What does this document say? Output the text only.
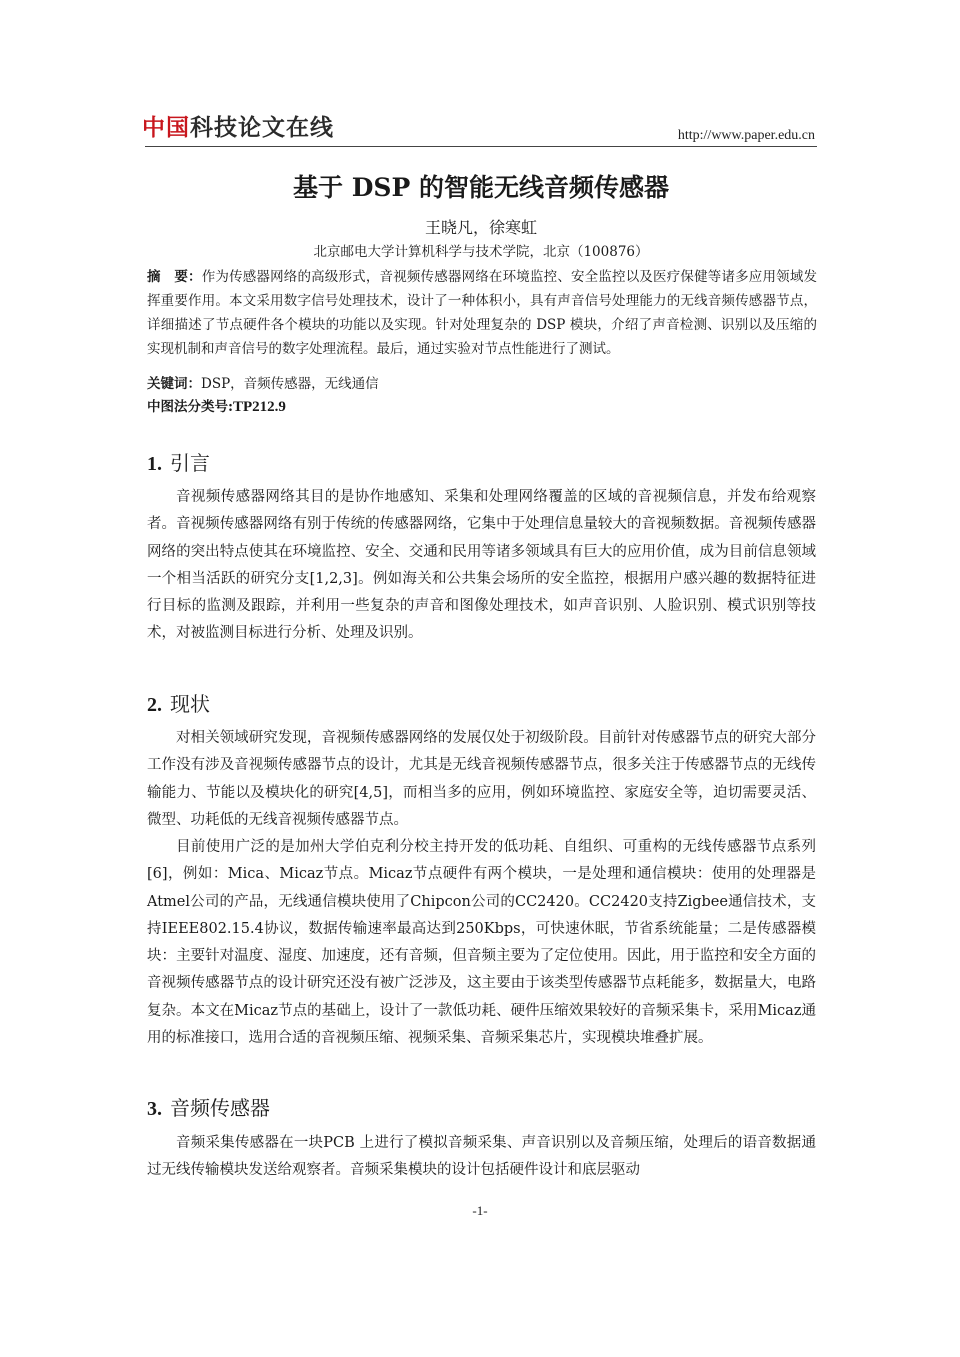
中国科技论文在线	http://www.paper.edu.cn
基于 DSP 的智能无线音频传感器
王晓凡，徐寒虹
北京邮电大学计算机科学与技术学院，北京（100876）

摘　要：作为传感器网络的高级形式，音视频传感器网络在环境监控、安全监控以及医疗保健等诸多应用领域发挥重要作用。本文采用数字信号处理技术，设计了一种体积小，具有声音信号处理能力的无线音频传感器节点，详细描述了节点硬件各个模块的功能以及实现。针对处理复杂的 DSP 模块，介绍了声音检测、识别以及压缩的实现机制和声音信号的数字处理流程。最后，通过实验对节点性能进行了测试。

关键词：DSP，音频传感器，无线通信
中图法分类号:TP212.9
1. 引言

音视频传感器网络其目的是协作地感知、采集和处理网络覆盖的区域的音视频信息，并发布给观察者。音视频传感器网络有别于传统的传感器网络，它集中于处理信息量较大的音视频数据。音视频传感器网络的突出特点使其在环境监控、安全、交通和民用等诸多领域具有巨大的应用价值，成为目前信息领域一个相当活跃的研究分支[1,2,3]。例如海关和公共集会场所的安全监控，根据用户感兴趣的数据特征进行目标的监测及跟踪，并利用一些复杂的声音和图像处理技术，如声音识别、人脸识别、模式识别等技术，对被监测目标进行分析、处理及识别。

2. 现状

对相关领域研究发现，音视频传感器网络的发展仅处于初级阶段。目前针对传感器节点的研究大部分工作没有涉及音视频传感器节点的设计，尤其是无线音视频传感器节点，很多关注于传感器节点的无线传输能力、节能以及模块化的研究[4,5]，而相当多的应用，例如环境监控、家庭安全等，迫切需要灵活、微型、功耗低的无线音视频传感器节点。

目前使用广泛的是加州大学伯克利分校主持开发的低功耗、自组织、可重构的无线传感器节点系列[6]，例如：Mica、Micaz节点。Micaz节点硬件有两个模块，一是处理和通信模块：使用的处理器是Atmel公司的产品，无线通信模块使用了Chipcon公司的CC2420。CC2420支持Zigbee通信技术，支持IEEE802.15.4协议，数据传输速率最高达到250Kbps，可快速休眠，节省系统能量；二是传感器模块：主要针对温度、湿度、加速度，还有音频，但音频主要为了定位使用。因此，用于监控和安全方面的音视频传感器节点的设计研究还没有被广泛涉及，这主要由于该类型传感器节点耗能多，数据量大，电路复杂。本文在Micaz节点的基础上，设计了一款低功耗、硬件压缩效果较好的音频采集卡，采用Micaz通用的标准接口，选用合适的音视频压缩、视频采集、音频采集芯片，实现模块堆叠扩展。

3. 音频传感器

音频采集传感器在一块PCB 上进行了模拟音频采集、声音识别以及音频压缩，处理后的语音数据通过无线传输模块发送给观察者。音频采集模块的设计包括硬件设计和底层驱动

-1-
